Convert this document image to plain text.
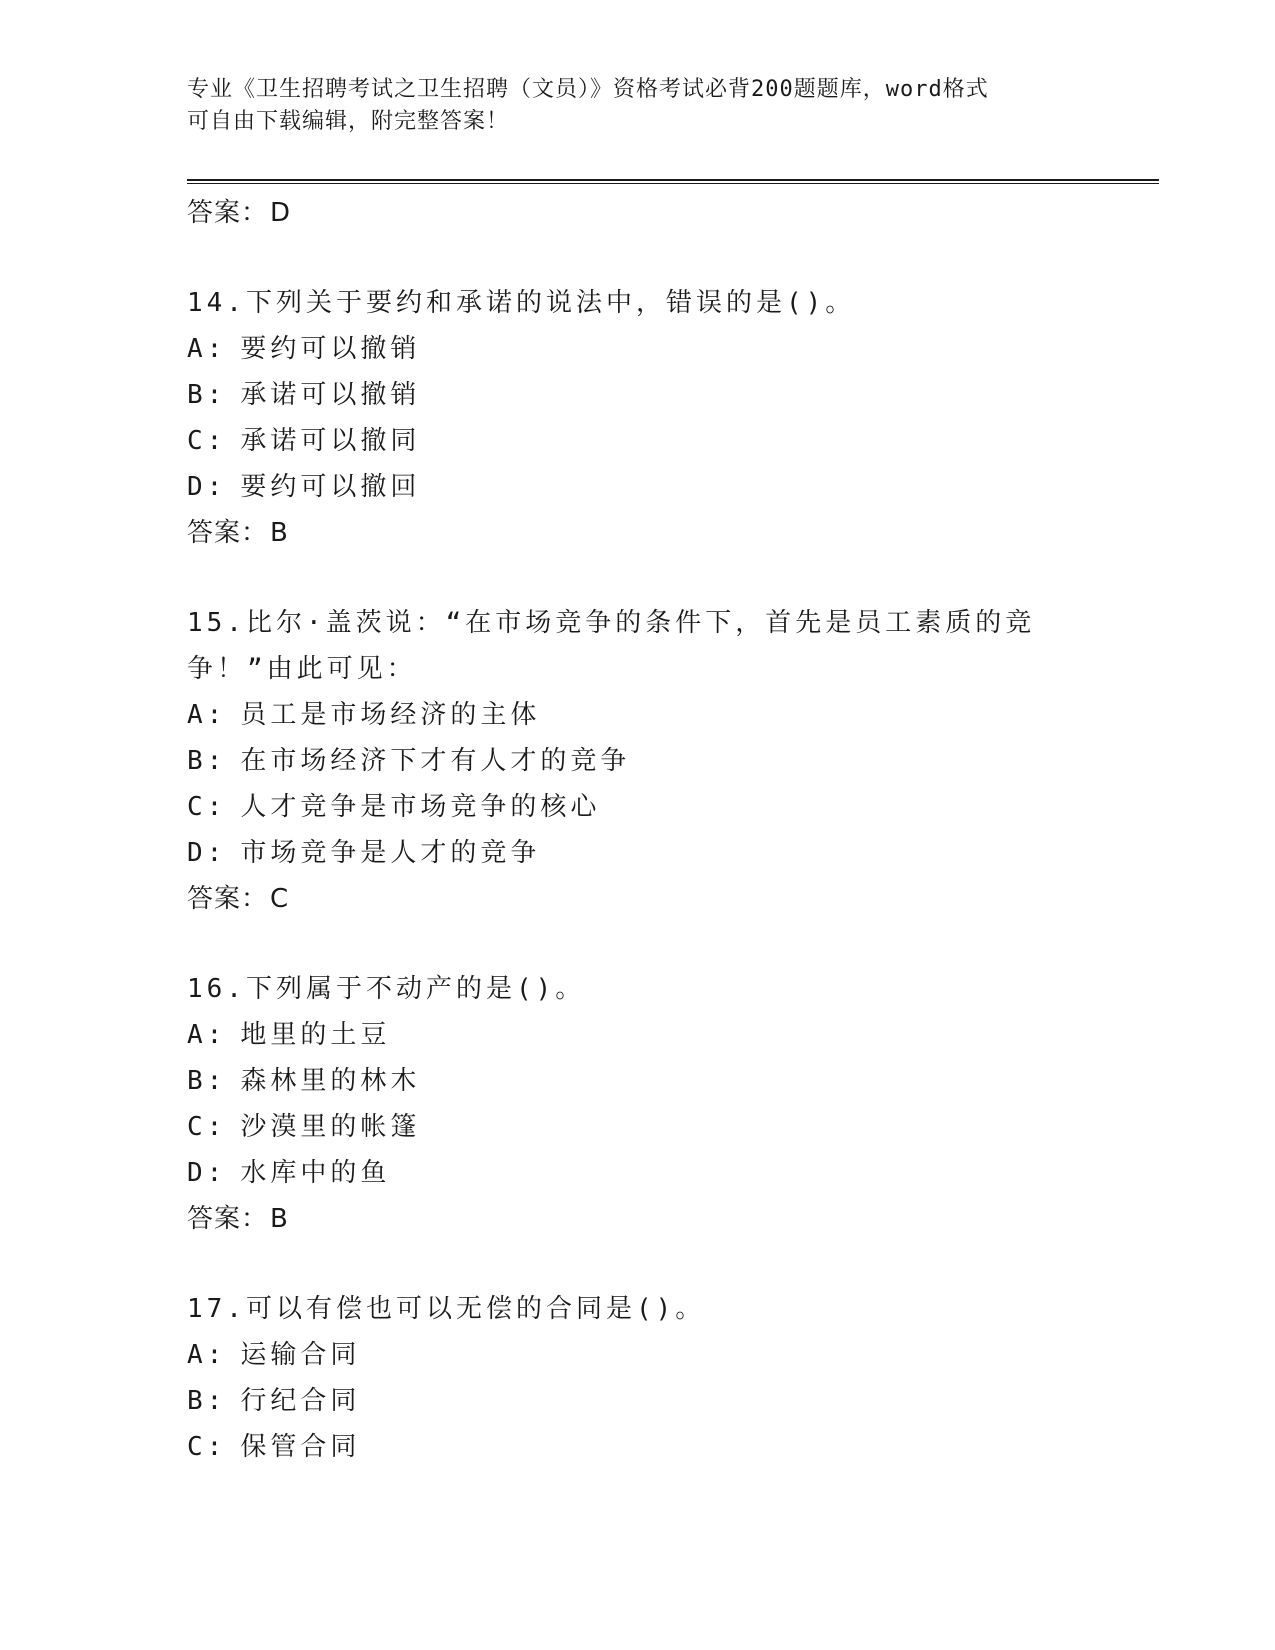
专业《卫生招聘考试之卫生招聘（文员）》资格考试必背200题题库，word格式
可自由下载编辑，附完整答案！
答案：D
14.下列关于要约和承诺的说法中，错误的是()。
A: 要约可以撤销
B: 承诺可以撤销
C: 承诺可以撤同
D: 要约可以撤回
答案：B
15.比尔·盖茨说：“在市场竞争的条件下，首先是员工素质的竞争！”由此可见：
A: 员工是市场经济的主体
B: 在市场经济下才有人才的竞争
C: 人才竞争是市场竞争的核心
D: 市场竞争是人才的竞争
答案：C
16.下列属于不动产的是()。
A: 地里的土豆
B: 森林里的林木
C: 沙漠里的帐篷
D: 水库中的鱼
答案：B
17.可以有偿也可以无偿的合同是()。
A: 运输合同
B: 行纪合同
C: 保管合同
